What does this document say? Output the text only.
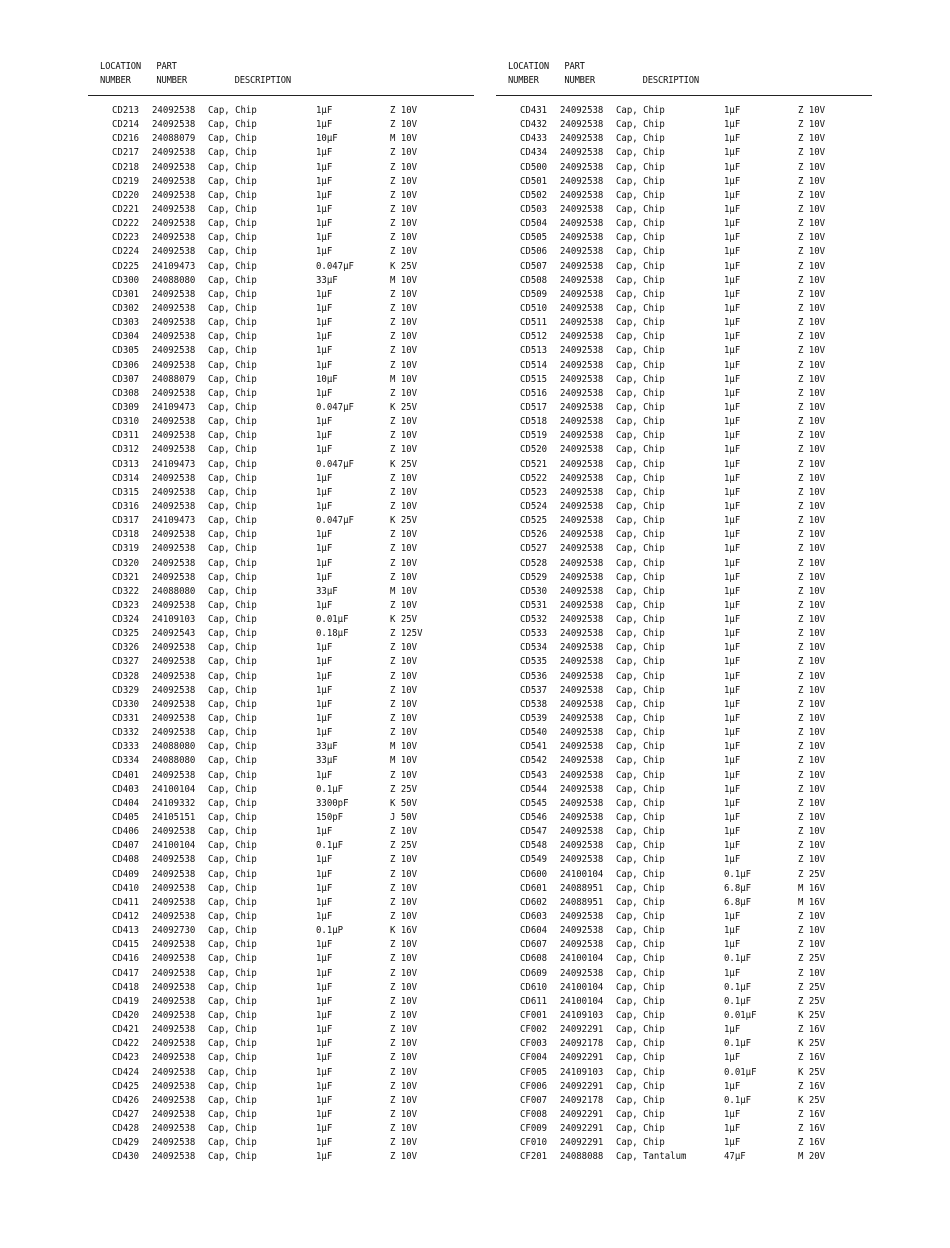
LOCATION
NUMBER
PART
NUMBER	DESCRIPTION
CD213 24092538 Cap, Chip	1μF	Z 10V
CD214 24092538 Cap, Chip	1μF	Z 10V
CD216 24088079 Cap, Chip	10μF	M 10V
CD217 24092538 Cap, Chip	1μF	Z 10V
CD218 24092538 Cap, Chip	1μF	Z 10V
CD219 24092538 Cap, Chip	1μF	Z 10V
CD220 24092538 Cap, Chip	1μF	Z 10V
CD221 24092538 Cap, Chip	1μF	Z 10V
CD222 24092538 Cap, Chip	1μF	Z 10V
CD223 24092538 Cap, Chip	1μF	Z 10V
CD224 24092538 Cap, Chip	1μF	Z 10V
CD225 24109473 Cap, Chip	0.047μF	K 25V
CD300 24088080 Cap, Chip	33μF	M 10V
CD301 24092538 Cap, Chip	1μF	Z 10V
CD302 24092538 Cap, Chip	1μF	Z 10V
CD303 24092538 Cap, Chip	1μF	Z 10V
CD304 24092538 Cap, Chip	1μF	Z 10V
CD305 24092538 Cap, Chip	1μF	Z 10V
CD306 24092538 Cap, Chip	1μF	Z 10V
CD307 24088079 Cap, Chip	10μF	M 10V
CD308 24092538 Cap, Chip	1μF	Z 10V
CD309 24109473 Cap, Chip	0.047μF	K 25V
CD310 24092538 Cap, Chip	1μF	Z 10V
CD311 24092538 Cap, Chip	1μF	Z 10V
CD312 24092538 Cap, Chip	1μF	Z 10V
CD313 24109473 Cap, Chip	0.047μF	K 25V
CD314 24092538 Cap, Chip	1μF	Z 10V
CD315 24092538 Cap, Chip	1μF	Z 10V
CD316 24092538 Cap, Chip	1μF	Z 10V
CD317 24109473 Cap, Chip	0.047μF	K 25V
CD318 24092538 Cap, Chip	1μF	Z 10V
CD319 24092538 Cap, Chip	1μF	Z 10V
CD320 24092538 Cap, Chip	1μF	Z 10V
CD321 24092538 Cap, Chip	1μF	Z 10V
CD322 24088080 Cap, Chip	33μF	M 10V
CD323 24092538 Cap, Chip	1μF	Z 10V
CD324 24109103 Cap, Chip	0.01μF	K 25V
CD325 24092543 Cap, Chip	0.18μF	Z 125V
CD326 24092538 Cap, Chip	1μF	Z 10V
CD327 24092538 Cap, Chip	1μF	Z 10V
CD328 24092538 Cap, Chip	1μF	Z 10V
CD329 24092538 Cap, Chip	1μF	Z 10V
CD330 24092538 Cap, Chip	1μF	Z 10V
CD331 24092538 Cap, Chip	1μF	Z 10V
CD332 24092538 Cap, Chip	1μF	Z 10V
CD333 24088080 Cap, Chip	33μF	M 10V
CD334 24088080 Cap, Chip	33μF	M 10V
CD401 24092538 Cap, Chip	1μF	Z 10V
CD403 24100104 Cap, Chip	0.1μF	Z 25V
CD404 24109332 Cap, Chip	3300pF	K 50V
CD405 24105151 Cap, Chip	150pF	J 50V
CD406 24092538 Cap, Chip	1μF	Z 10V
CD407 24100104 Cap, Chip	0.1μF	Z 25V
CD408 24092538 Cap, Chip	1μF	Z 10V
CD409 24092538 Cap, Chip	1μF	Z 10V
CD410 24092538 Cap, Chip	1μF	Z 10V
CD411 24092538 Cap, Chip	1μF	Z 10V
CD412 24092538 Cap, Chip	1μF	Z 10V
CD413 24092730 Cap, Chip	0.1μP	K 16V
CD415 24092538 Cap, Chip	1μF	Z 10V
CD416 24092538 Cap, Chip	1μF	Z 10V
CD417 24092538 Cap, Chip	1μF	Z 10V
CD418 24092538 Cap, Chip	1μF	Z 10V
CD419 24092538 Cap, Chip	1μF	Z 10V
CD420 24092538 Cap, Chip	1μF	Z 10V
CD421 24092538 Cap, Chip	1μF	Z 10V
CD422 24092538 Cap, Chip	1μF	Z 10V
CD423 24092538 Cap, Chip	1μF	Z 10V
CD424 24092538 Cap, Chip	1μF	Z 10V
CD425 24092538 Cap, Chip	1μF	Z 10V
CD426 24092538 Cap, Chip	1μF	Z 10V
CD427 24092538 Cap, Chip	1μF	Z 10V
CD428 24092538 Cap, Chip	1μF	Z 10V
CD429 24092538 Cap, Chip	1μF	Z 10V
CD430 24092538 Cap, Chip	1μF	Z 10V
LOCATION
NUMBER
PART
NUMBER	DESCRIPTION
CD431 24092538 Cap, Chip	1μF	Z 10V
CD432 24092538 Cap, Chip	1μF	Z 10V
CD433 24092538 Cap, Chip	1μF	Z 10V
CD434 24092538 Cap, Chip	1μF	Z 10V
CD500 24092538 Cap, Chip	1μF	Z 10V
CD501 24092538 Cap, Chip	1μF	Z 10V
CD502 24092538 Cap, Chip	1μF	Z 10V
CD503 24092538 Cap, Chip	1μF	Z 10V
CD504 24092538 Cap, Chip	1μF	Z 10V
CD505 24092538 Cap, Chip	1μF	Z 10V
CD506 24092538 Cap, Chip	1μF	Z 10V
CD507 24092538 Cap, Chip	1μF	Z 10V
CD508 24092538 Cap, Chip	1μF	Z 10V
CD509 24092538 Cap, Chip	1μF	Z 10V
CD510 24092538 Cap, Chip	1μF	Z 10V
CD511 24092538 Cap, Chip	1μF	Z 10V
CD512 24092538 Cap, Chip	1μF	Z 10V
CD513 24092538 Cap, Chip	1μF	Z 10V
CD514 24092538 Cap, Chip	1μF	Z 10V
CD515 24092538 Cap, Chip	1μF	Z 10V
CD516 24092538 Cap, Chip	1μF	Z 10V
CD517 24092538 Cap, Chip	1μF	Z 10V
CD518 24092538 Cap, Chip	1μF	Z 10V
CD519 24092538 Cap, Chip	1μF	Z 10V
CD520 24092538 Cap, Chip	1μF	Z 10V
CD521 24092538 Cap, Chip	1μF	Z 10V
CD522 24092538 Cap, Chip	1μF	Z 10V
CD523 24092538 Cap, Chip	1μF	Z 10V
CD524 24092538 Cap, Chip	1μF	Z 10V
CD525 24092538 Cap, Chip	1μF	Z 10V
CD526 24092538 Cap, Chip	1μF	Z 10V
CD527 24092538 Cap, Chip	1μF	Z 10V
CD528 24092538 Cap, Chip	1μF	Z 10V
CD529 24092538 Cap, Chip	1μF	Z 10V
CD530 24092538 Cap, Chip	1μF	Z 10V
CD531 24092538 Cap, Chip	1μF	Z 10V
CD532 24092538 Cap, Chip	1μF	Z 10V
CD533 24092538 Cap, Chip	1μF	Z 10V
CD534 24092538 Cap, Chip	1μF	Z 10V
CD535 24092538 Cap, Chip	1μF	Z 10V
CD536 24092538 Cap, Chip	1μF	Z 10V
CD537 24092538 Cap, Chip	1μF	Z 10V
CD538 24092538 Cap, Chip	1μF	Z 10V
CD539 24092538 Cap, Chip	1μF	Z 10V
CD540 24092538 Cap, Chip	1μF	Z 10V
CD541 24092538 Cap, Chip	1μF	Z 10V
CD542 24092538 Cap, Chip	1μF	Z 10V
CD543 24092538 Cap, Chip	1μF	Z 10V
CD544 24092538 Cap, Chip	1μF	Z 10V
CD545 24092538 Cap, Chip	1μF	Z 10V
CD546 24092538 Cap, Chip	1μF	Z 10V
CD547 24092538 Cap, Chip	1μF	Z 10V
CD548 24092538 Cap, Chip	1μF	Z 10V
CD549 24092538 Cap, Chip	1μF	Z 10V
CD600 24100104 Cap, Chip	0.1μF	Z 25V
CD601 24088951 Cap, Chip	6.8μF	M 16V
CD602 24088951 Cap, Chip	6.8μF	M 16V
CD603 24092538 Cap, Chip	1μF	Z 10V
CD604 24092538 Cap, Chip	1μF	Z 10V
CD607 24092538 Cap, Chip	1μF	Z 10V
CD608 24100104 Cap, Chip	0.1μF	Z 25V
CD609 24092538 Cap, Chip	1μF	Z 10V
CD610 24100104 Cap, Chip	0.1μF	Z 25V
CD611 24100104 Cap, Chip	0.1μF	Z 25V
CF001 24109103 Cap, Chip	0.01μF	K 25V
CF002 24092291 Cap, Chip	1μF	Z 16V
CF003 24092178 Cap, Chip	0.1μF	K 25V
CF004 24092291 Cap, Chip	1μF	Z 16V
CF005 24109103 Cap, Chip	0.01μF	K 25V
CF006 24092291 Cap, Chip	1μF	Z 16V
CF007 24092178 Cap, Chip	0.1μF	K 25V
CF008 24092291 Cap, Chip	1μF	Z 16V
CF009 24092291 Cap, Chip	1μF	Z 16V
CF010 24092291 Cap, Chip	1μF	Z 16V
CF201 24088088 Cap, Tantalum	47μF	M 20V
